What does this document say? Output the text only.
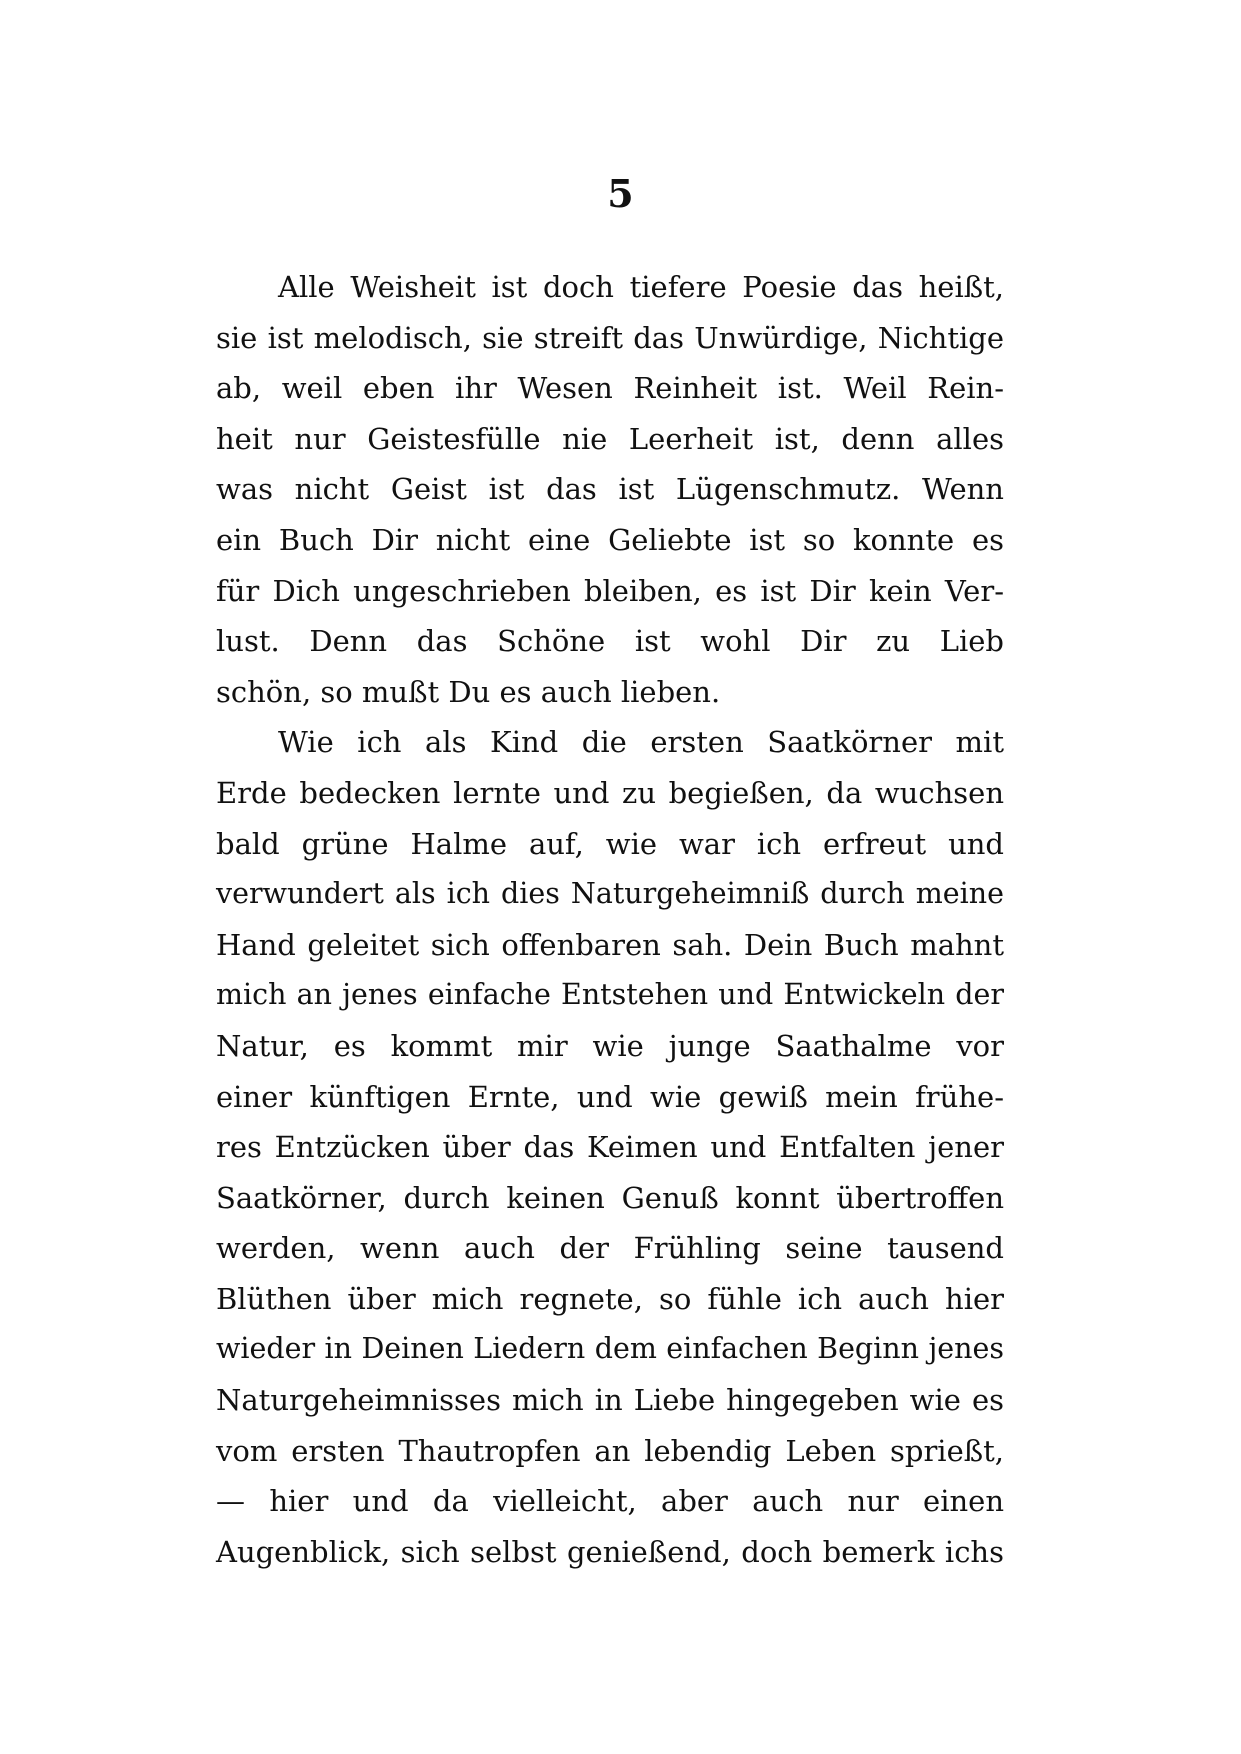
5
Alle Weisheit ist doch tiefere Poesie das heißt,
sie ist melodisch, sie streift das Unwürdige, Nichtige
ab, weil eben ihr Wesen Reinheit ist. Weil Rein-
heit nur Geistesfülle nie Leerheit ist, denn alles
was nicht Geist ist das ist Lügenschmutz. Wenn
ein Buch Dir nicht eine Geliebte ist so konnte es
für Dich ungeschrieben bleiben, es ist Dir kein Ver-
lust. Denn das Schöne ist wohl Dir zu Lieb
schön, so mußt Du es auch lieben.
Wie ich als Kind die ersten Saatkörner mit
Erde bedecken lernte und zu begießen, da wuchsen
bald grüne Halme auf, wie war ich erfreut und
verwundert als ich dies Naturgeheimniß durch meine
Hand geleitet sich offenbaren sah. Dein Buch mahnt
mich an jenes einfache Entstehen und Entwickeln der
Natur, es kommt mir wie junge Saathalme vor
einer künftigen Ernte, und wie gewiß mein frühe-
res Entzücken über das Keimen und Entfalten jener
Saatkörner, durch keinen Genuß konnt übertroffen
werden, wenn auch der Frühling seine tausend
Blüthen über mich regnete, so fühle ich auch hier
wieder in Deinen Liedern dem einfachen Beginn jenes
Naturgeheimnisses mich in Liebe hingegeben wie es
vom ersten Thautropfen an lebendig Leben sprießt,
— hier und da vielleicht, aber auch nur einen
Augenblick, sich selbst genießend, doch bemerk ichs
